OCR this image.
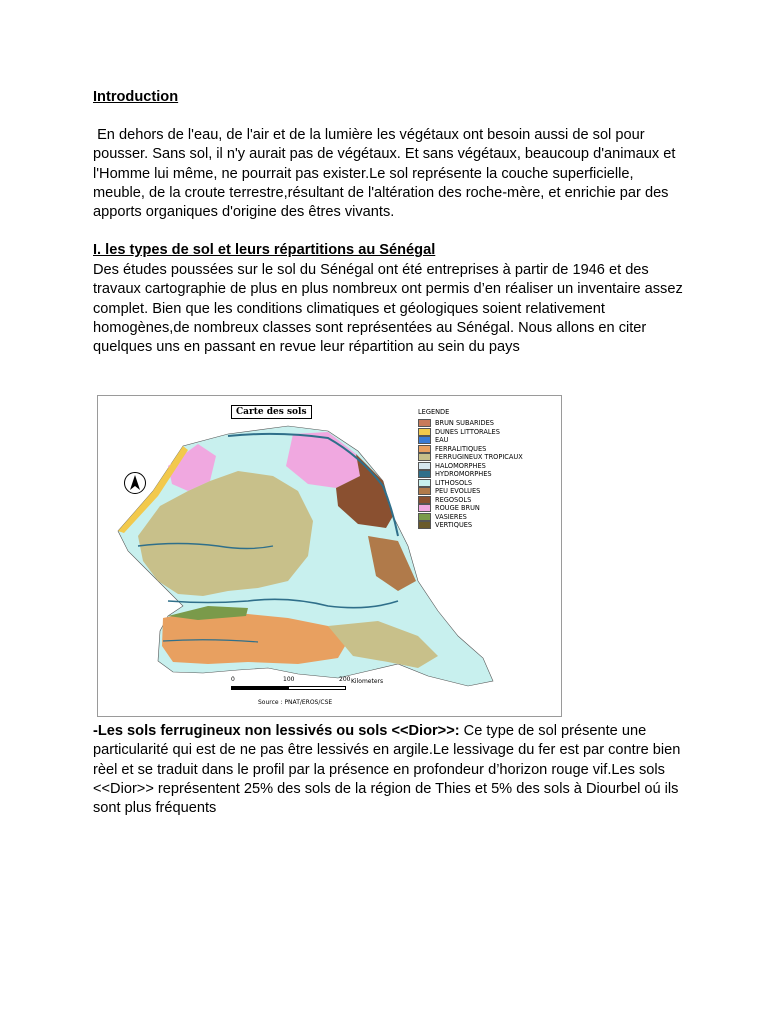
Introduction
En dehors de l'eau, de l'air et de la lumière les végétaux ont besoin aussi de sol pour pousser. Sans sol, il n'y aurait pas de végétaux. Et sans végétaux, beaucoup d'animaux et l'Homme lui même, ne pourrait pas exister.Le sol représente la couche superficielle, meuble, de la croute terrestre,résultant de l'altération des roche-mère, et enrichie par des apports organiques d'origine des êtres vivants.
I. les types de sol et leurs répartitions au Sénégal
Des études poussées sur le sol du Sénégal ont été entreprises à partir de 1946 et des travaux cartographie de plus en plus nombreux ont permis d’en réaliser un inventaire assez complet. Bien que les conditions climatiques et géologiques soient relativement homogènes,de nombreux classes sont représentées au Sénégal. Nous allons en citer quelques uns en passant en revue leur répartition au sein du pays
Carte des sols	LEGENDE
BRUN SUBARIDES
DUNES LITTORALES
EAU
FERRALITIQUES
FERRUGINEUX TROPICAUX
HALOMORPHES
HYDROMORPHES
LITHOSOLS
PEU EVOLUES
REGOSOLS
ROUGE BRUN
VASIERES
VERTIQUES
0	100	200 Kilometers
Source : PNAT/EROS/CSE
-Les sols ferrugineux non lessivés ou sols <<Dior>>: Ce type de sol présente une particularité qui est de ne pas être lessivés en argile.Le lessivage du fer est par contre bien rèel et se traduit dans le profil par la présence en profondeur d’horizon rouge vif.Les sols <<Dior>> représentent 25% des sols de la région de Thies et 5% des sols à Diourbel oú ils sont plus fréquents
